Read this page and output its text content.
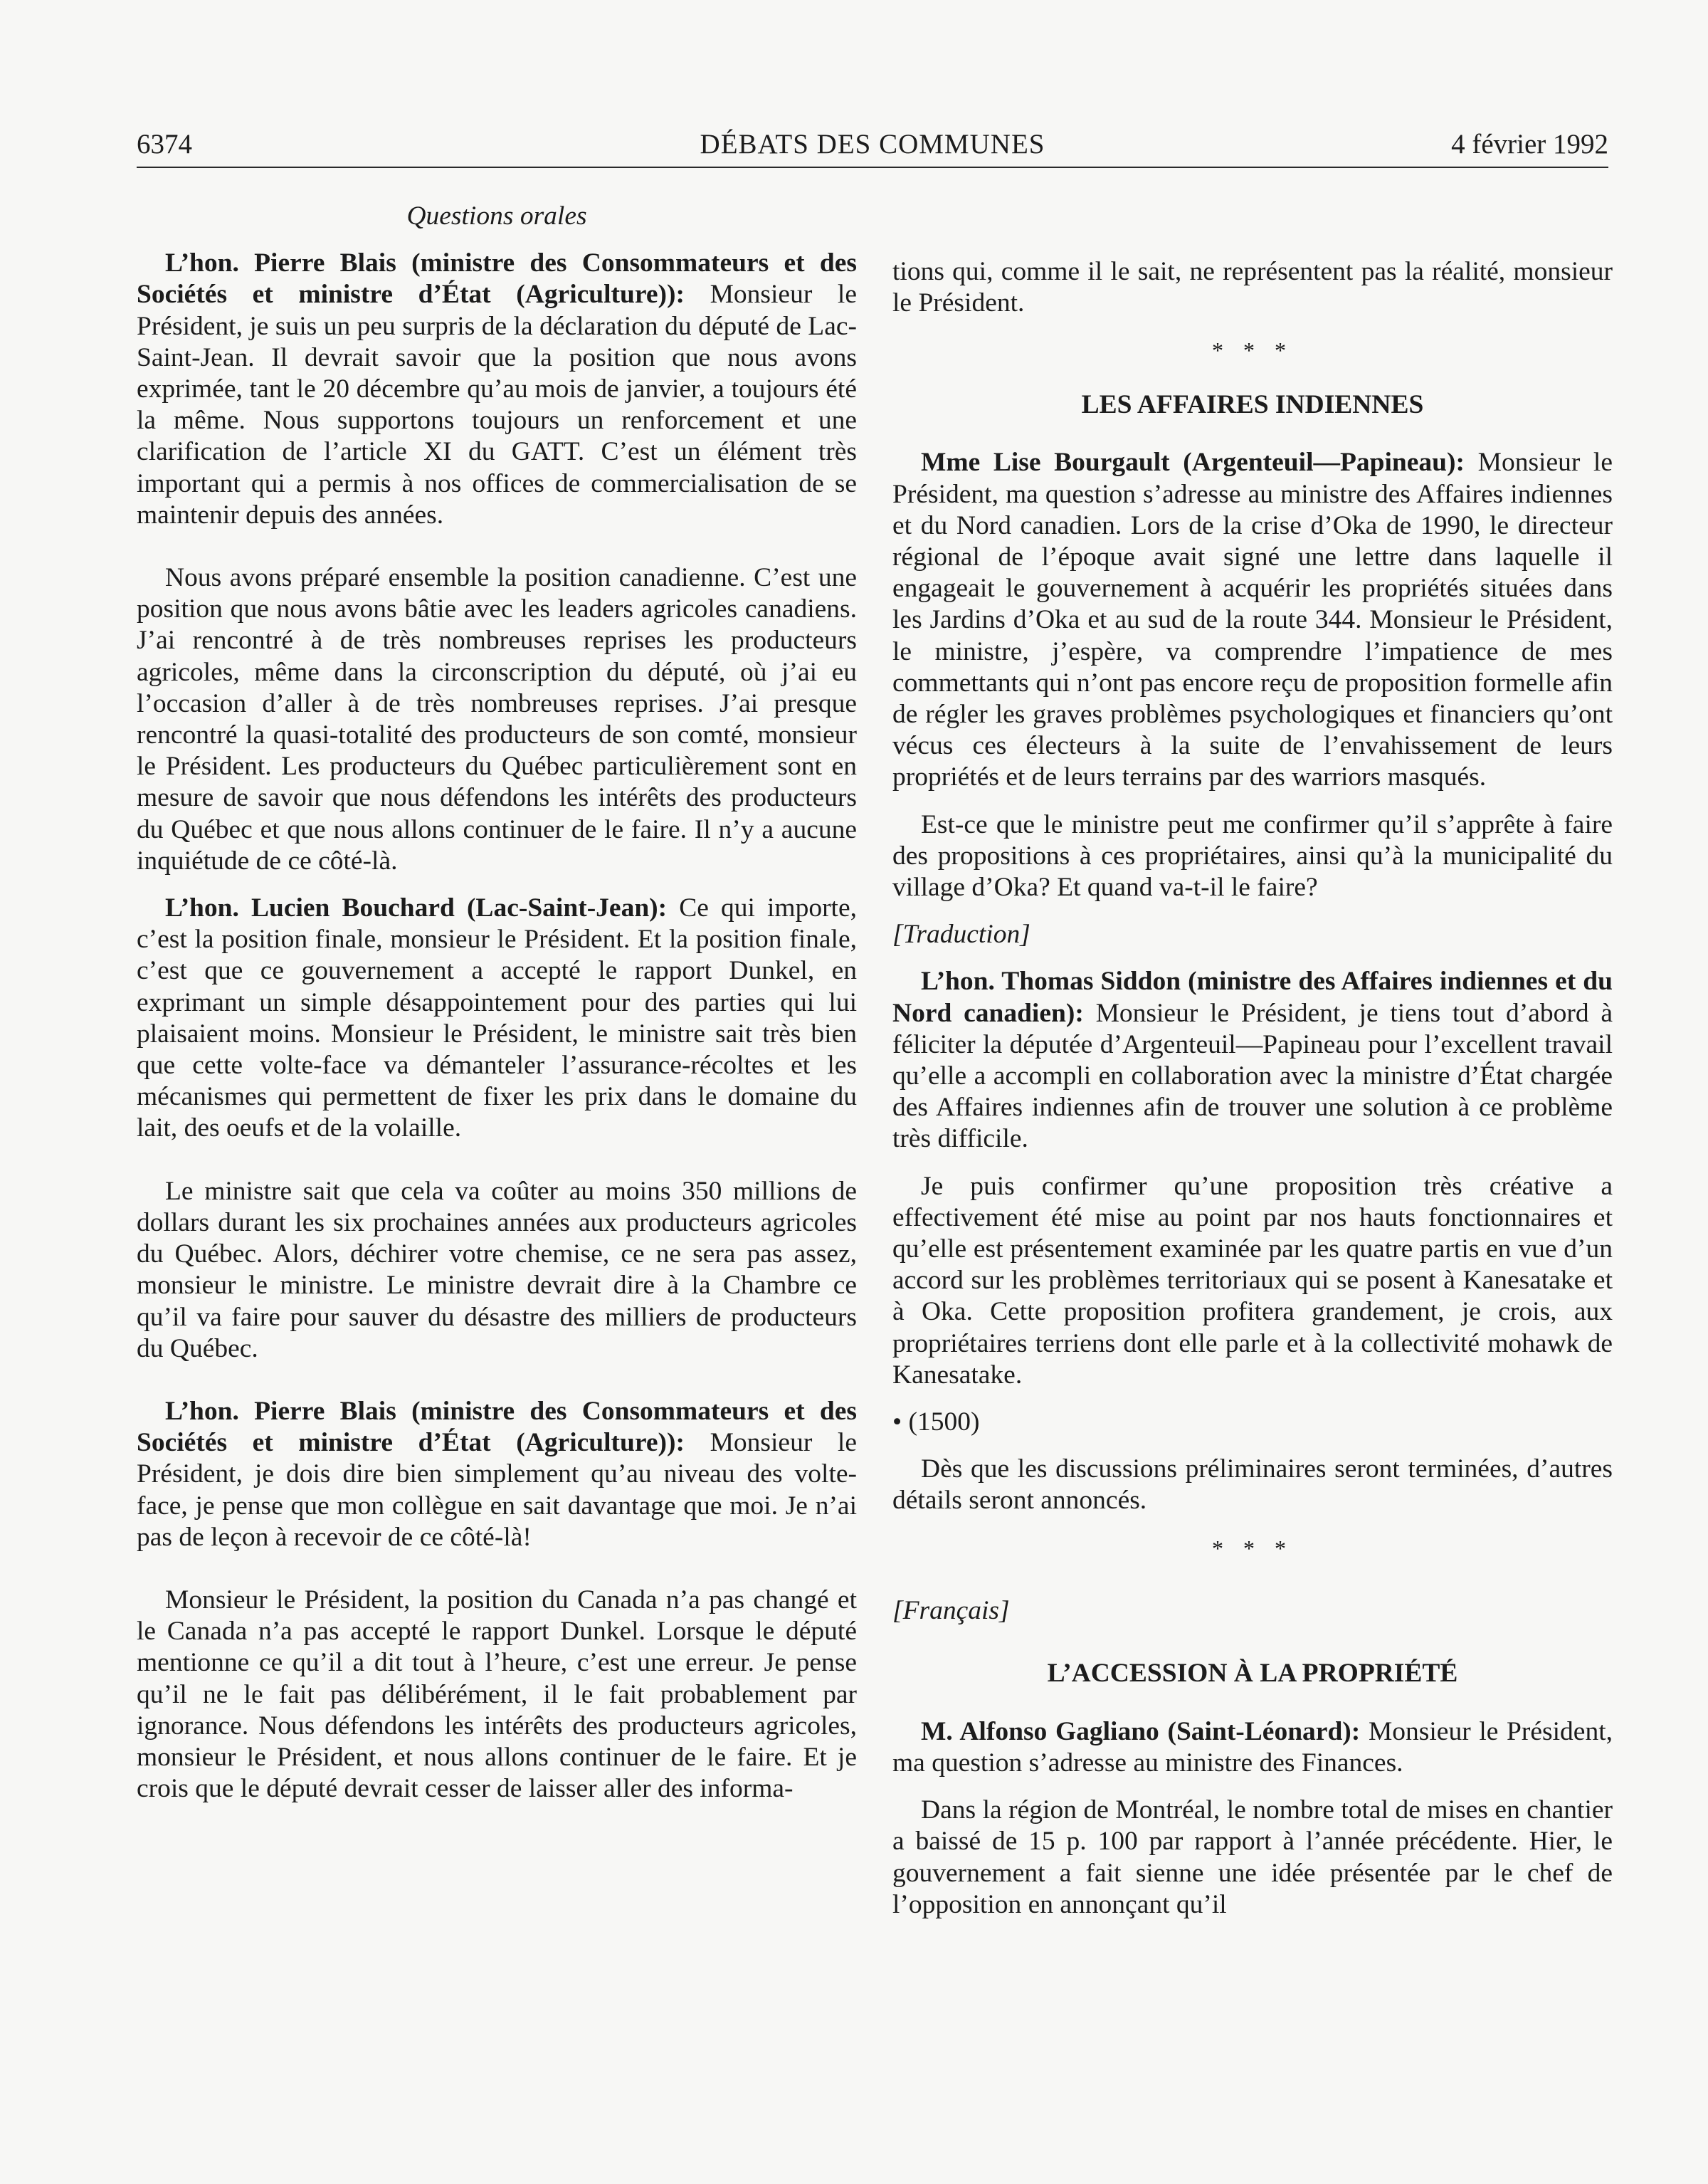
6374	DÉBATS DES COMMUNES	4 février 1992

Questions orales

L’hon. Pierre Blais (ministre des Consommateurs et des Sociétés et ministre d’État (Agriculture)): Monsieur le Président, je suis un peu surpris de la déclaration du député de Lac-Saint-Jean. Il devrait savoir que la position que nous avons exprimée, tant le 20 décembre qu’au mois de janvier, a toujours été la même. Nous supportons toujours un renforcement et une clarification de l’article XI du GATT. C’est un élément très important qui a permis à nos offices de commercialisation de se maintenir depuis des années.

Nous avons préparé ensemble la position canadienne. C’est une position que nous avons bâtie avec les leaders agricoles canadiens. J’ai rencontré à de très nombreuses reprises les producteurs agricoles, même dans la circonscription du député, où j’ai eu l’occasion d’aller à de très nombreuses reprises. J’ai presque rencontré la quasi-totalité des producteurs de son comté, monsieur le Président. Les producteurs du Québec particulièrement sont en mesure de savoir que nous défendons les intérêts des producteurs du Québec et que nous allons continuer de le faire. Il n’y a aucune inquiétude de ce côté-là.

L’hon. Lucien Bouchard (Lac-Saint-Jean): Ce qui importe, c’est la position finale, monsieur le Président. Et la position finale, c’est que ce gouvernement a accepté le rapport Dunkel, en exprimant un simple désappointement pour des parties qui lui plaisaient moins. Monsieur le Président, le ministre sait très bien que cette volte-face va démanteler l’assurance-récoltes et les mécanismes qui permettent de fixer les prix dans le domaine du lait, des oeufs et de la volaille.

Le ministre sait que cela va coûter au moins 350 millions de dollars durant les six prochaines années aux producteurs agricoles du Québec. Alors, déchirer votre chemise, ce ne sera pas assez, monsieur le ministre. Le ministre devrait dire à la Chambre ce qu’il va faire pour sauver du désastre des milliers de producteurs du Québec.

L’hon. Pierre Blais (ministre des Consommateurs et des Sociétés et ministre d’État (Agriculture)): Monsieur le Président, je dois dire bien simplement qu’au niveau des volte-face, je pense que mon collègue en sait davantage que moi. Je n’ai pas de leçon à recevoir de ce côté-là!

Monsieur le Président, la position du Canada n’a pas changé et le Canada n’a pas accepté le rapport Dunkel. Lorsque le député mentionne ce qu’il a dit tout à l’heure, c’est une erreur. Je pense qu’il ne le fait pas délibérément, il le fait probablement par ignorance. Nous défendons les intérêts des producteurs agricoles, monsieur le Président, et nous allons continuer de le faire. Et je crois que le député devrait cesser de laisser aller des informa-

tions qui, comme il le sait, ne représentent pas la réalité, monsieur le Président.

* * *

LES AFFAIRES INDIENNES

Mme Lise Bourgault (Argenteuil—Papineau): Monsieur le Président, ma question s’adresse au ministre des Affaires indiennes et du Nord canadien. Lors de la crise d’Oka de 1990, le directeur régional de l’époque avait signé une lettre dans laquelle il engageait le gouvernement à acquérir les propriétés situées dans les Jardins d’Oka et au sud de la route 344. Monsieur le Président, le ministre, j’espère, va comprendre l’impatience de mes commettants qui n’ont pas encore reçu de proposition formelle afin de régler les graves problèmes psychologiques et financiers qu’ont vécus ces électeurs à la suite de l’envahissement de leurs propriétés et de leurs terrains par des warriors masqués.

Est-ce que le ministre peut me confirmer qu’il s’apprête à faire des propositions à ces propriétaires, ainsi qu’à la municipalité du village d’Oka? Et quand va-t-il le faire?

[Traduction]

L’hon. Thomas Siddon (ministre des Affaires indiennes et du Nord canadien): Monsieur le Président, je tiens tout d’abord à féliciter la députée d’Argenteuil—Papineau pour l’excellent travail qu’elle a accompli en collaboration avec la ministre d’État chargée des Affaires indiennes afin de trouver une solution à ce problème très difficile.

Je puis confirmer qu’une proposition très créative a effectivement été mise au point par nos hauts fonctionnaires et qu’elle est présentement examinée par les quatre partis en vue d’un accord sur les problèmes territoriaux qui se posent à Kanesatake et à Oka. Cette proposition profitera grandement, je crois, aux propriétaires terriens dont elle parle et à la collectivité mohawk de Kanesatake.

• (1500)

Dès que les discussions préliminaires seront terminées, d’autres détails seront annoncés.

* * *

[Français]

L’ACCESSION À LA PROPRIÉTÉ

M. Alfonso Gagliano (Saint-Léonard): Monsieur le Président, ma question s’adresse au ministre des Finances.

Dans la région de Montréal, le nombre total de mises en chantier a baissé de 15 p. 100 par rapport à l’année précédente. Hier, le gouvernement a fait sienne une idée présentée par le chef de l’opposition en annonçant qu’il
